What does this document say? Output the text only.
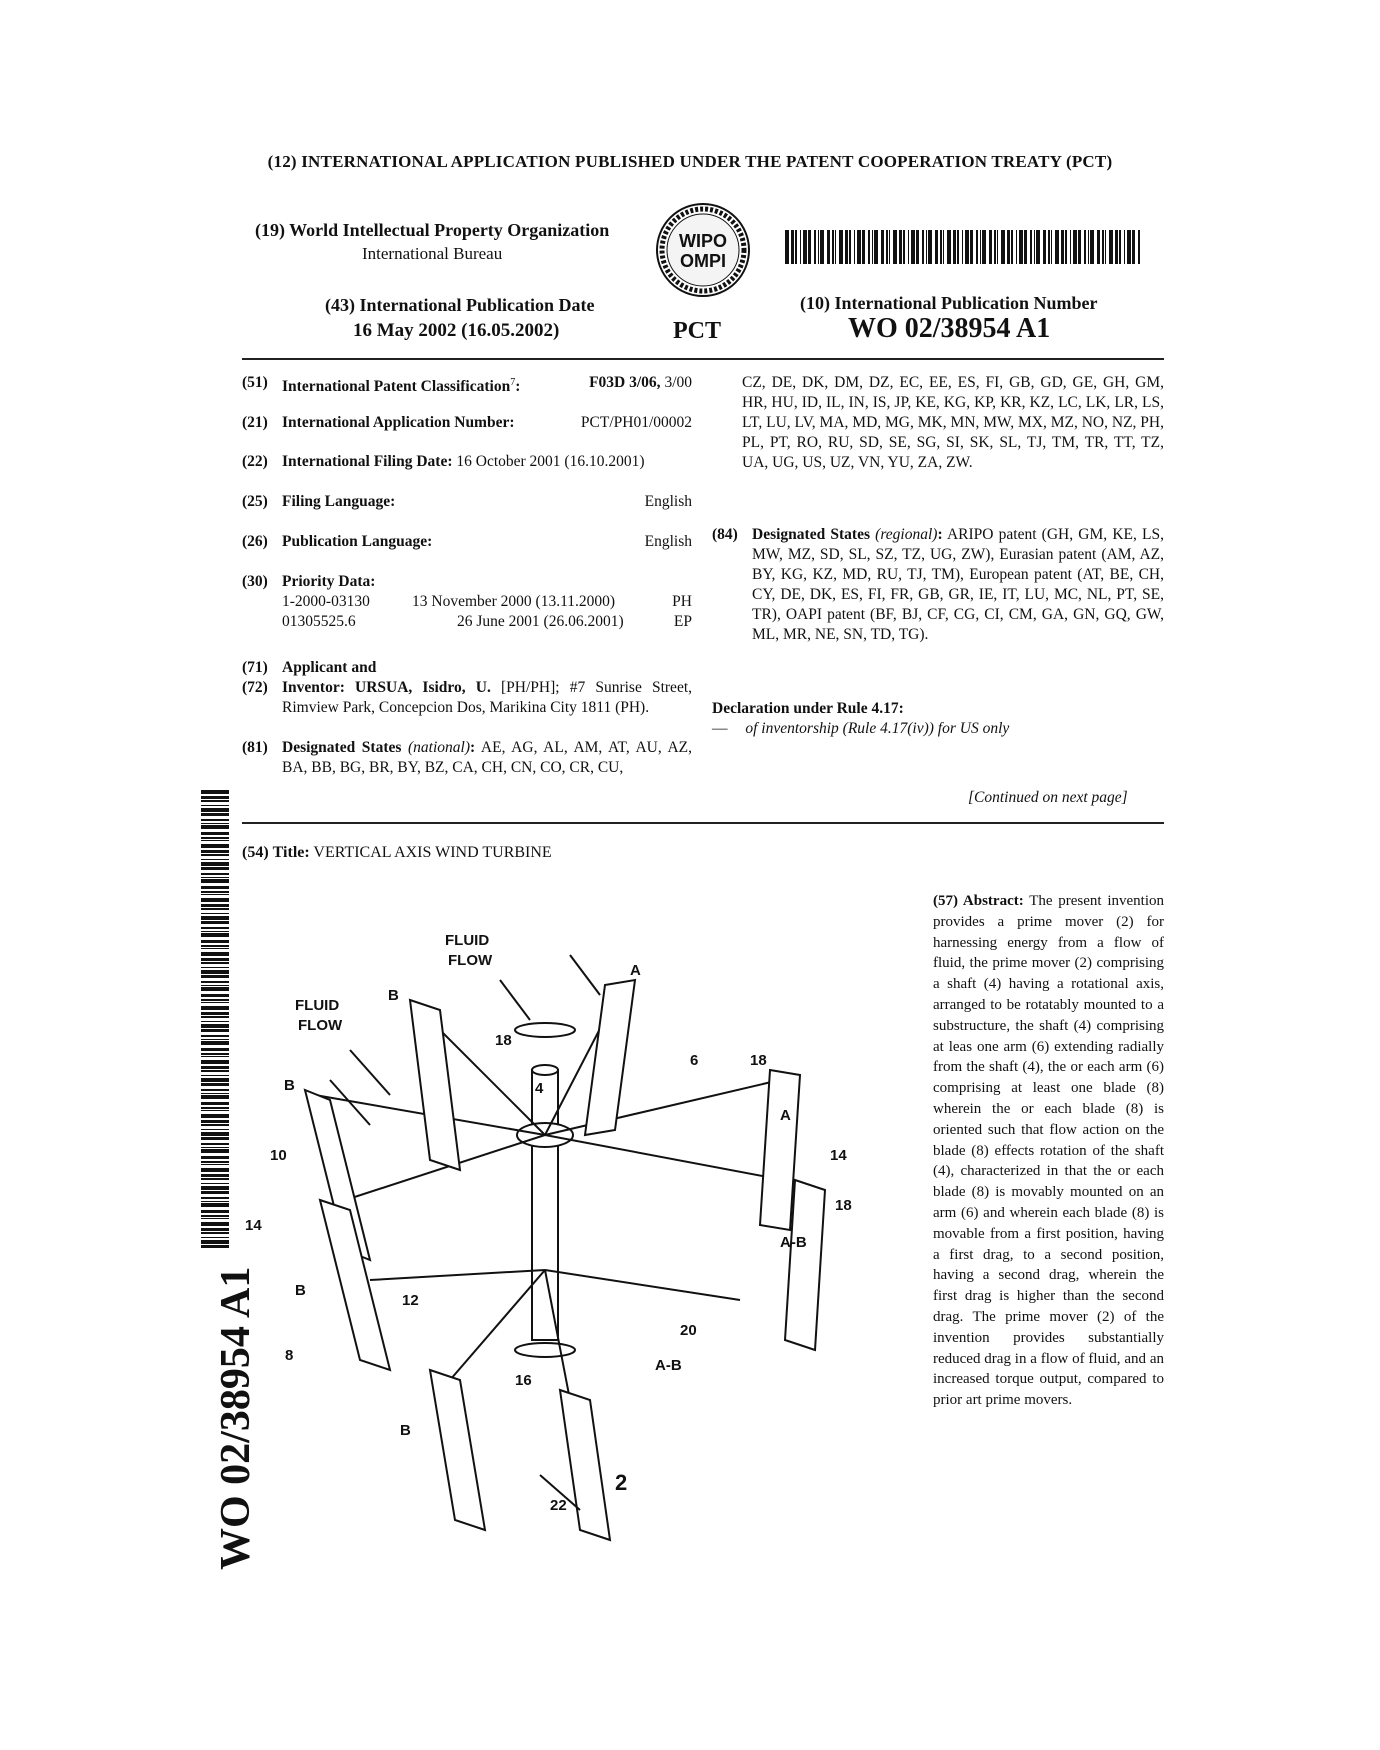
(12) INTERNATIONAL APPLICATION PUBLISHED UNDER THE PATENT COOPERATION TREATY (PCT)
(19) World Intellectual Property Organization
International Bureau
WIPO
OMPI
(43) International Publication Date
16 May 2002 (16.05.2002)	PCT
(10) International Publication Number
WO 02/38954 A1
(51) International Patent Classification$^7$:	F03D 3/06, 3/00
(21) International Application Number:	PCT/PH01/00002
(22) International Filing Date: 16 October 2001 (16.10.2001)
(25) Filing Language:	English
(26) Publication Language:	English
(30) Priority Data:
1-2000-03130	13 November 2000 (13.11.2000)	PH
01305525.6	26 June 2001 (26.06.2001)	EP
(71) Applicant and
(72) Inventor: URSUA, Isidro, U. [PH/PH]; #7 Sunrise Street, Rimview Park, Concepcion Dos, Marikina City 1811 (PH).
(81) Designated States (national): AE, AG, AL, AM, AT, AU, AZ, BA, BB, BG, BR, BY, BZ, CA, CH, CN, CO, CR, CU,
CZ, DE, DK, DM, DZ, EC, EE, ES, FI, GB, GD, GE, GH, GM, HR, HU, ID, IL, IN, IS, JP, KE, KG, KP, KR, KZ, LC, LK, LR, LS, LT, LU, LV, MA, MD, MG, MK, MN, MW, MX, MZ, NO, NZ, PH, PL, PT, RO, RU, SD, SE, SG, SI, SK, SL, TJ, TM, TR, TT, TZ, UA, UG, US, UZ, VN, YU, ZA, ZW.
(84) Designated States (regional): ARIPO patent (GH, GM, KE, LS, MW, MZ, SD, SL, SZ, TZ, UG, ZW), Eurasian patent (AM, AZ, BY, KG, KZ, MD, RU, TJ, TM), European patent (AT, BE, CH, CY, DE, DK, ES, FI, FR, GB, GR, IE, IT, LU, MC, NL, PT, SE, TR), OAPI patent (BF, BJ, CF, CG, CI, CM, GA, GN, GQ, GW, ML, MR, NE, SN, TD, TG).
Declaration under Rule 4.17:
— of inventorship (Rule 4.17(iv)) for US only
[Continued on next page]
(54) Title: VERTICAL AXIS WIND TURBINE
(57) Abstract: The present invention provides a prime mover (2) for harnessing energy from a flow of fluid, the prime mover (2) comprising a shaft (4) having a rotational axis, arranged to be rotatably mounted to a substructure, the shaft (4) comprising at leas one arm (6) extending radially from the shaft (4), the or each arm (6) comprising at least one blade (8) wherein the or each blade (8) is oriented such that flow action on the blade (8) effects rotation of the shaft (4), characterized in that the or each blade (8) is movably mounted on an arm (6) and wherein each blade (8) is movable from a first position, having a first drag, to a second position, having a second drag, wherein the first drag is higher than the second drag. The prime mover (2) of the invention provides substantially reduced drag in a flow of fluid, and an increased torque output, compared to prior art prime movers.
WO 02/38954 A1
FLUID
FLOW
FLUID
FLOW
A
B
18
18
A
6
4
14
B
10
18
A-B
14
B
12
20
8
A-B
16
B
2
22
